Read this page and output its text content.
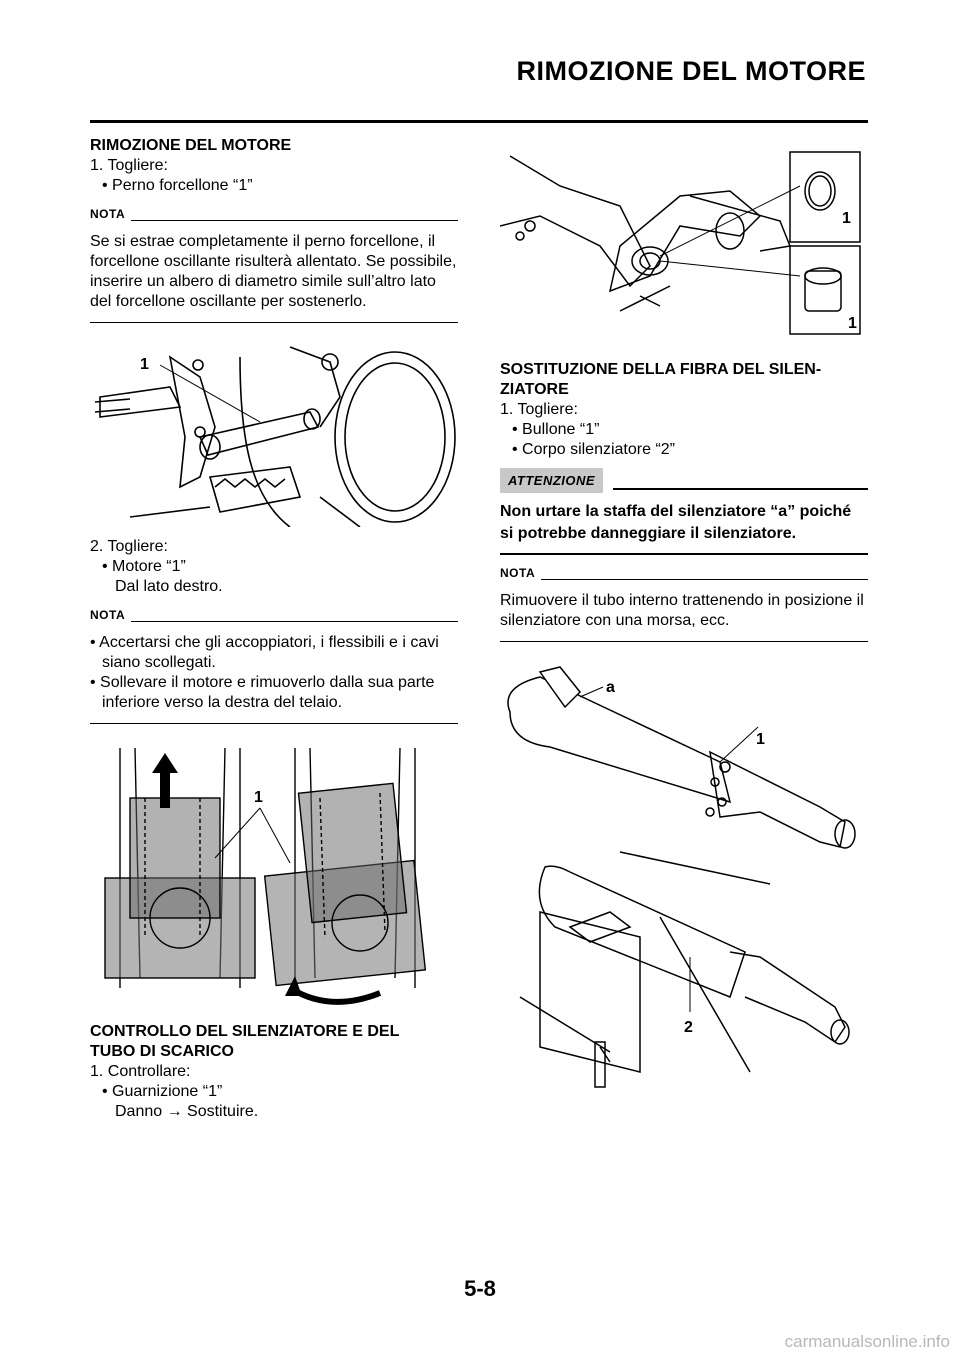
RIMOZIONE DEL MOTORE
RIMOZIONE DEL MOTORE
1. Togliere:
• Perno forcellone “1”
NOTA
Se si estrae completamente il perno forcellone, il forcellone oscillante risulterà allentato. Se possibile, inserire un albero di diametro simile sull’altro lato del forcellone oscillante per sostenerlo.
1
2. Togliere:
• Motore “1”
Dal lato destro.
NOTA
• Accertarsi che gli accoppiatori, i flessibili e i cavi siano scollegati.
• Sollevare il motore e rimuoverlo dalla sua parte inferiore verso la destra del telaio.
1
CONTROLLO DEL SILENZIATORE E DEL
TUBO DI SCARICO
1. Controllare:
• Guarnizione “1”
Danno → Sostituire.
1
1
SOSTITUZIONE DELLA FIBRA DEL SILEN-
ZIATORE
1. Togliere:
• Bullone “1”
• Corpo silenziatore “2”
ATTENZIONE
Non urtare la staffa del silenziatore “a” poiché si potrebbe danneggiare il silenziatore.
NOTA
Rimuovere il tubo interno trattenendo in posizione il silenziatore con una morsa, ecc.
a
1
2
5-8
carmanualsonline.info
